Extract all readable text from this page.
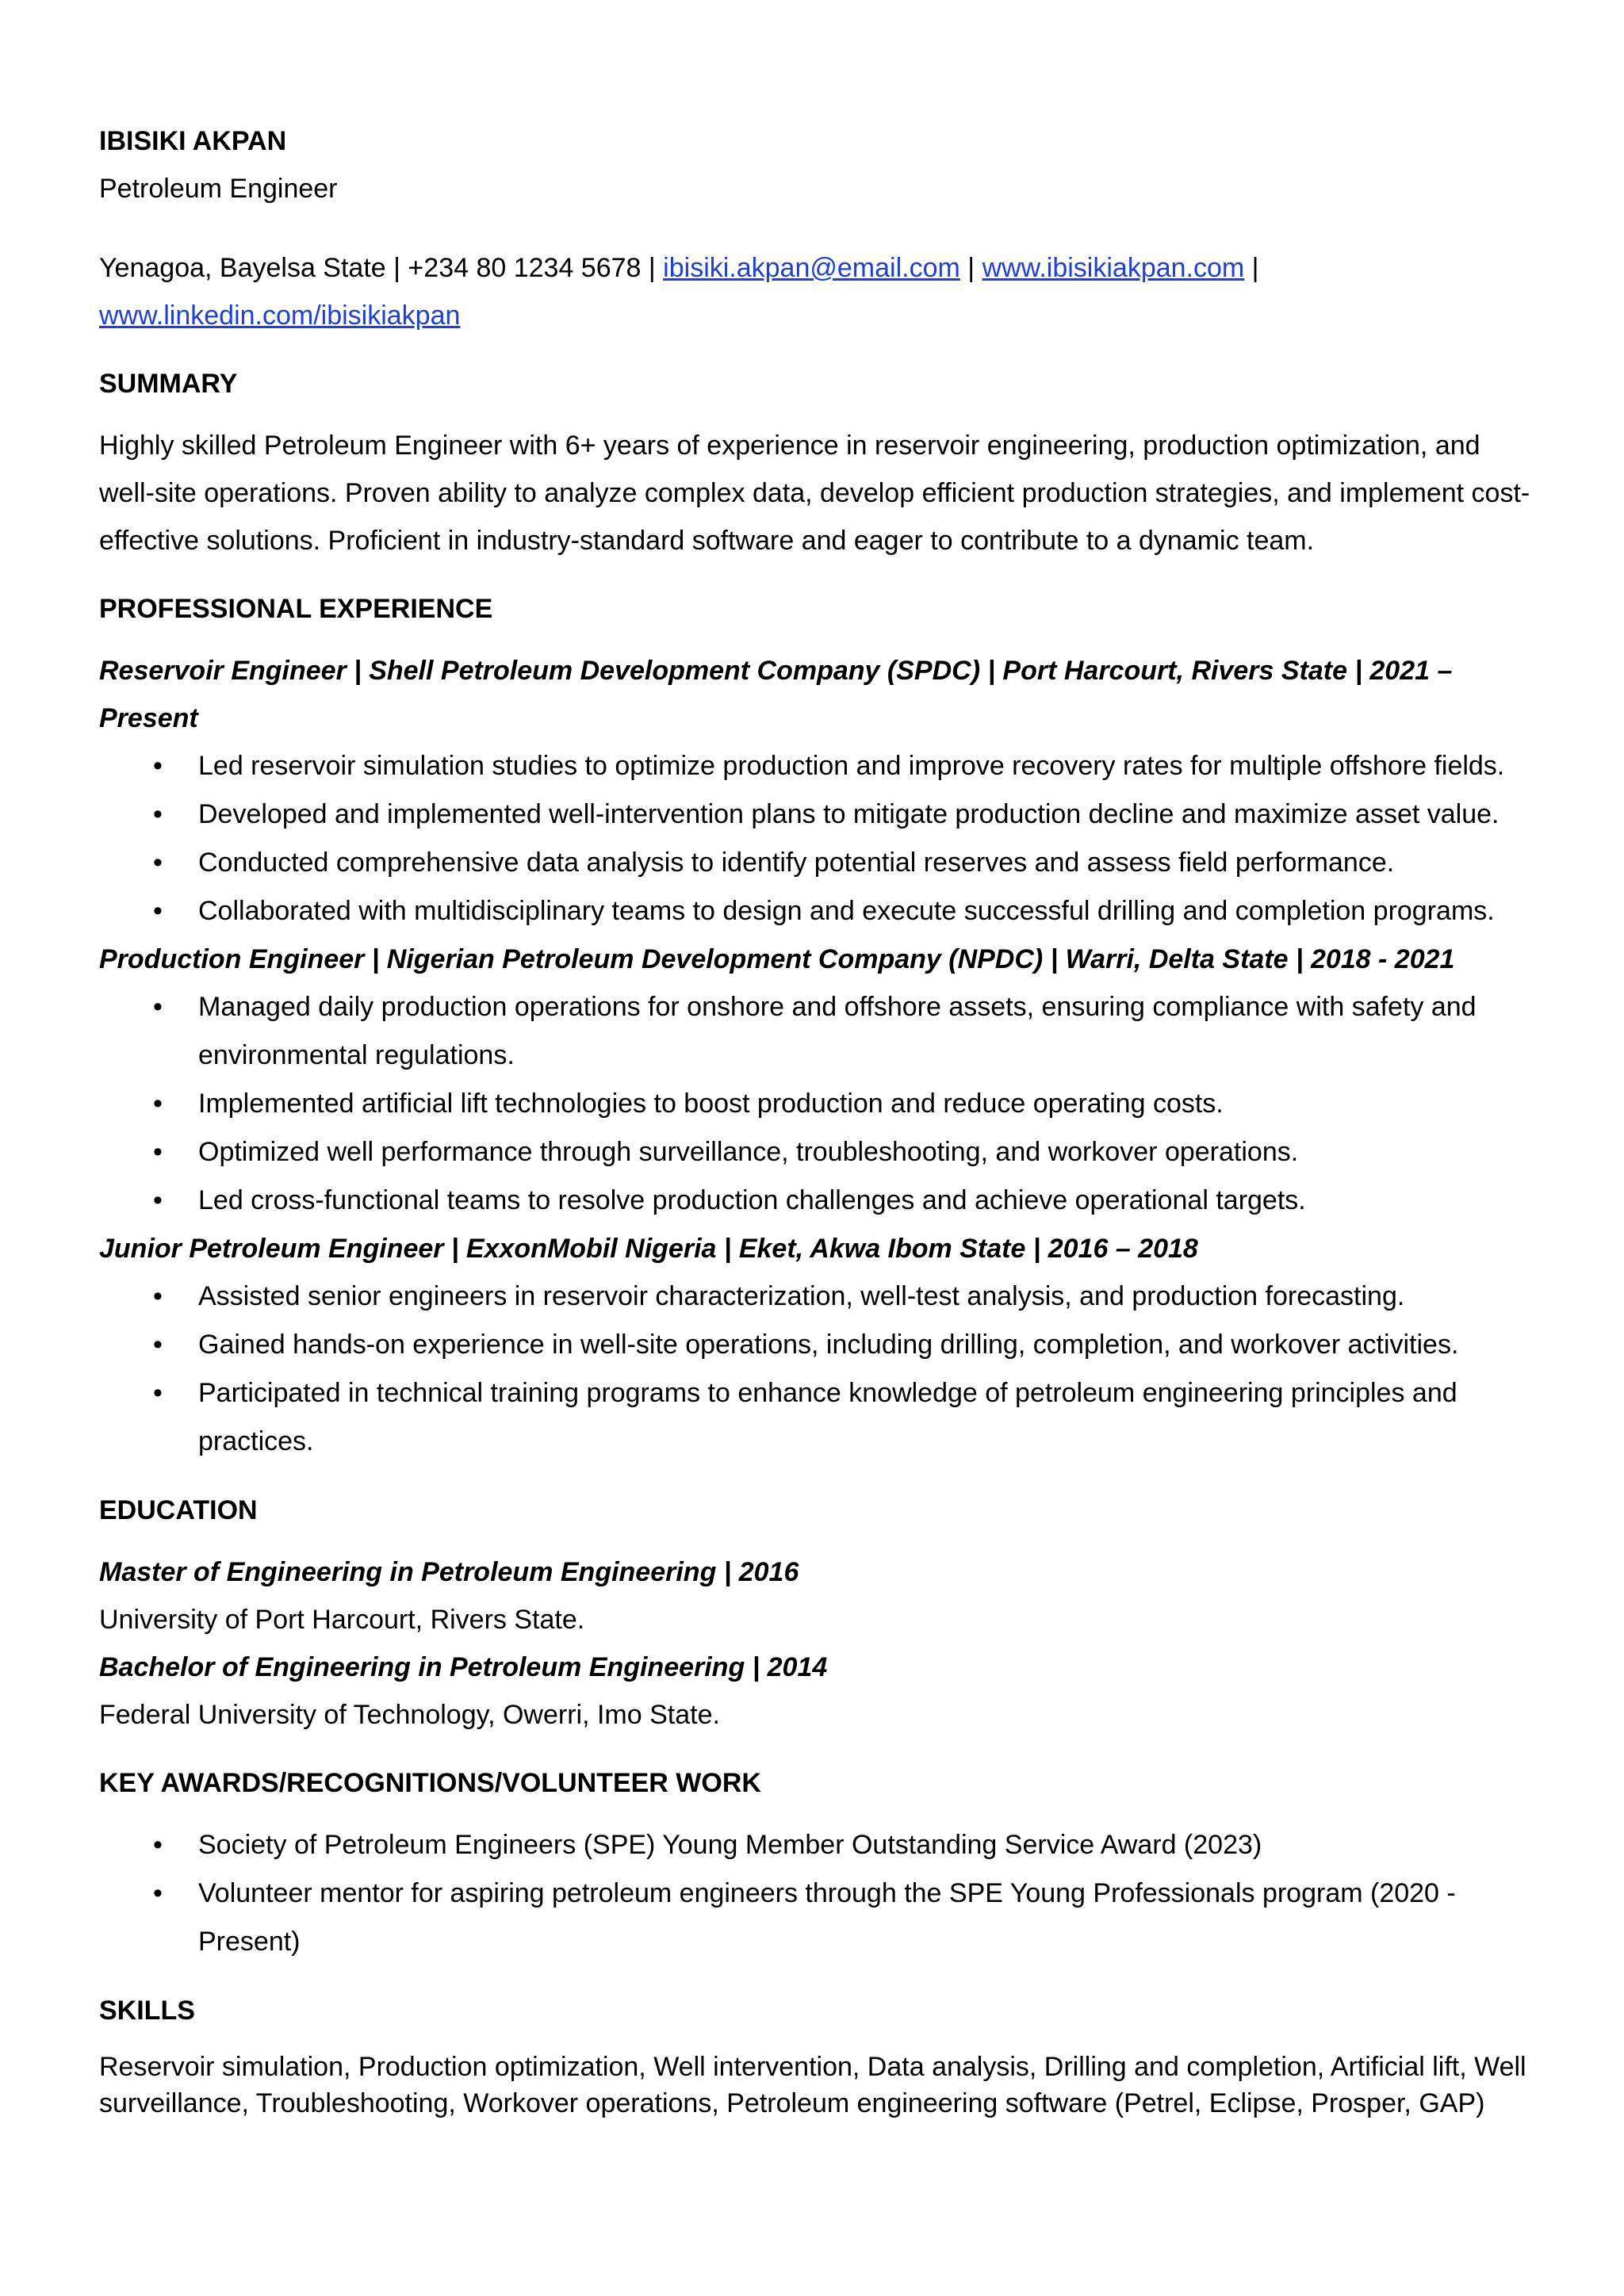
IBISIKI AKPAN

Petroleum Engineer

Yenagoa, Bayelsa State | +234 80 1234 5678 | ibisiki.akpan@email.com | www.ibisikiakpan.com |
www.linkedin.com/ibisikiakpan

SUMMARY

Highly skilled Petroleum Engineer with 6+ years of experience in reservoir engineering, production optimization, and well-site operations. Proven ability to analyze complex data, develop efficient production strategies, and implement cost-effective solutions. Proficient in industry-standard software and eager to contribute to a dynamic team.

PROFESSIONAL EXPERIENCE

Reservoir Engineer | Shell Petroleum Development Company (SPDC) | Port Harcourt, Rivers State | 2021 – Present

• Led reservoir simulation studies to optimize production and improve recovery rates for multiple offshore fields.
• Developed and implemented well-intervention plans to mitigate production decline and maximize asset value.
• Conducted comprehensive data analysis to identify potential reserves and assess field performance.
• Collaborated with multidisciplinary teams to design and execute successful drilling and completion programs.

Production Engineer | Nigerian Petroleum Development Company (NPDC) | Warri, Delta State | 2018 - 2021

• Managed daily production operations for onshore and offshore assets, ensuring compliance with safety and environmental regulations.
• Implemented artificial lift technologies to boost production and reduce operating costs.
• Optimized well performance through surveillance, troubleshooting, and workover operations.
• Led cross-functional teams to resolve production challenges and achieve operational targets.

Junior Petroleum Engineer | ExxonMobil Nigeria | Eket, Akwa Ibom State | 2016 – 2018

• Assisted senior engineers in reservoir characterization, well-test analysis, and production forecasting.
• Gained hands-on experience in well-site operations, including drilling, completion, and workover activities.
• Participated in technical training programs to enhance knowledge of petroleum engineering principles and practices.
EDUCATION

Master of Engineering in Petroleum Engineering | 2016

University of Port Harcourt, Rivers State.

Bachelor of Engineering in Petroleum Engineering | 2014

Federal University of Technology, Owerri, Imo State.

KEY AWARDS/RECOGNITIONS/VOLUNTEER WORK
• Society of Petroleum Engineers (SPE) Young Member Outstanding Service Award (2023)
• Volunteer mentor for aspiring petroleum engineers through the SPE Young Professionals program (2020 - Present)
SKILLS

Reservoir simulation, Production optimization, Well intervention, Data analysis, Drilling and completion, Artificial lift, Well surveillance, Troubleshooting, Workover operations, Petroleum engineering software (Petrel, Eclipse, Prosper, GAP)
